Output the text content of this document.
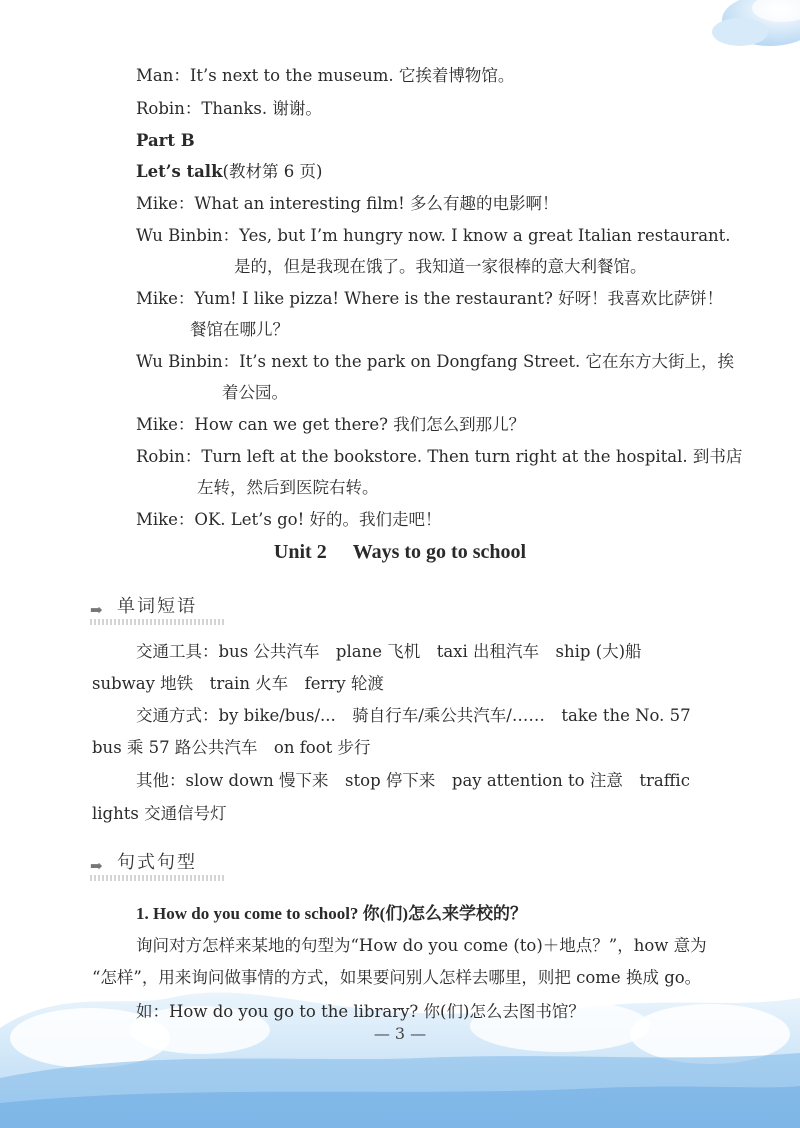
Man：It’s next to the museum. 它挨着博物馆。
Robin：Thanks. 谢谢。
Part B
Let’s talk(教材第 6 页)
Mike：What an interesting film! 多么有趣的电影啊！
Wu Binbin：Yes, but I’m hungry now. I know a great Italian restaurant.
是的，但是我现在饿了。我知道一家很棒的意大利餐馆。
Mike：Yum! I like pizza! Where is the restaurant? 好呀！我喜欢比萨饼！
餐馆在哪儿？
Wu Binbin：It’s next to the park on Dongfang Street. 它在东方大街上，挨
着公园。
Mike：How can we get there? 我们怎么到那儿？
Robin：Turn left at the bookstore. Then turn right at the hospital. 到书店
左转，然后到医院右转。
Mike：OK. Let’s go! 好的。我们走吧！
Unit 2 Ways to go to school
➡ 单词短语
交通工具：bus 公共汽车　plane 飞机　taxi 出租汽车　ship (大)船
subway 地铁　train 火车　ferry 轮渡
交通方式：by bike/bus/...　骑自行车/乘公共汽车/……　take the No. 57
bus 乘 57 路公共汽车　on foot 步行
其他：slow down 慢下来　stop 停下来　pay attention to 注意　traffic
lights 交通信号灯
➡ 句式句型
1. How do you come to school? 你(们)怎么来学校的？
询问对方怎样来某地的句型为“How do you come (to)＋地点？”，how 意为
“怎样”，用来询问做事情的方式，如果要问别人怎样去哪里，则把 come 换成 go。
如：How do you go to the library? 你(们)怎么去图书馆？
— 3 —
